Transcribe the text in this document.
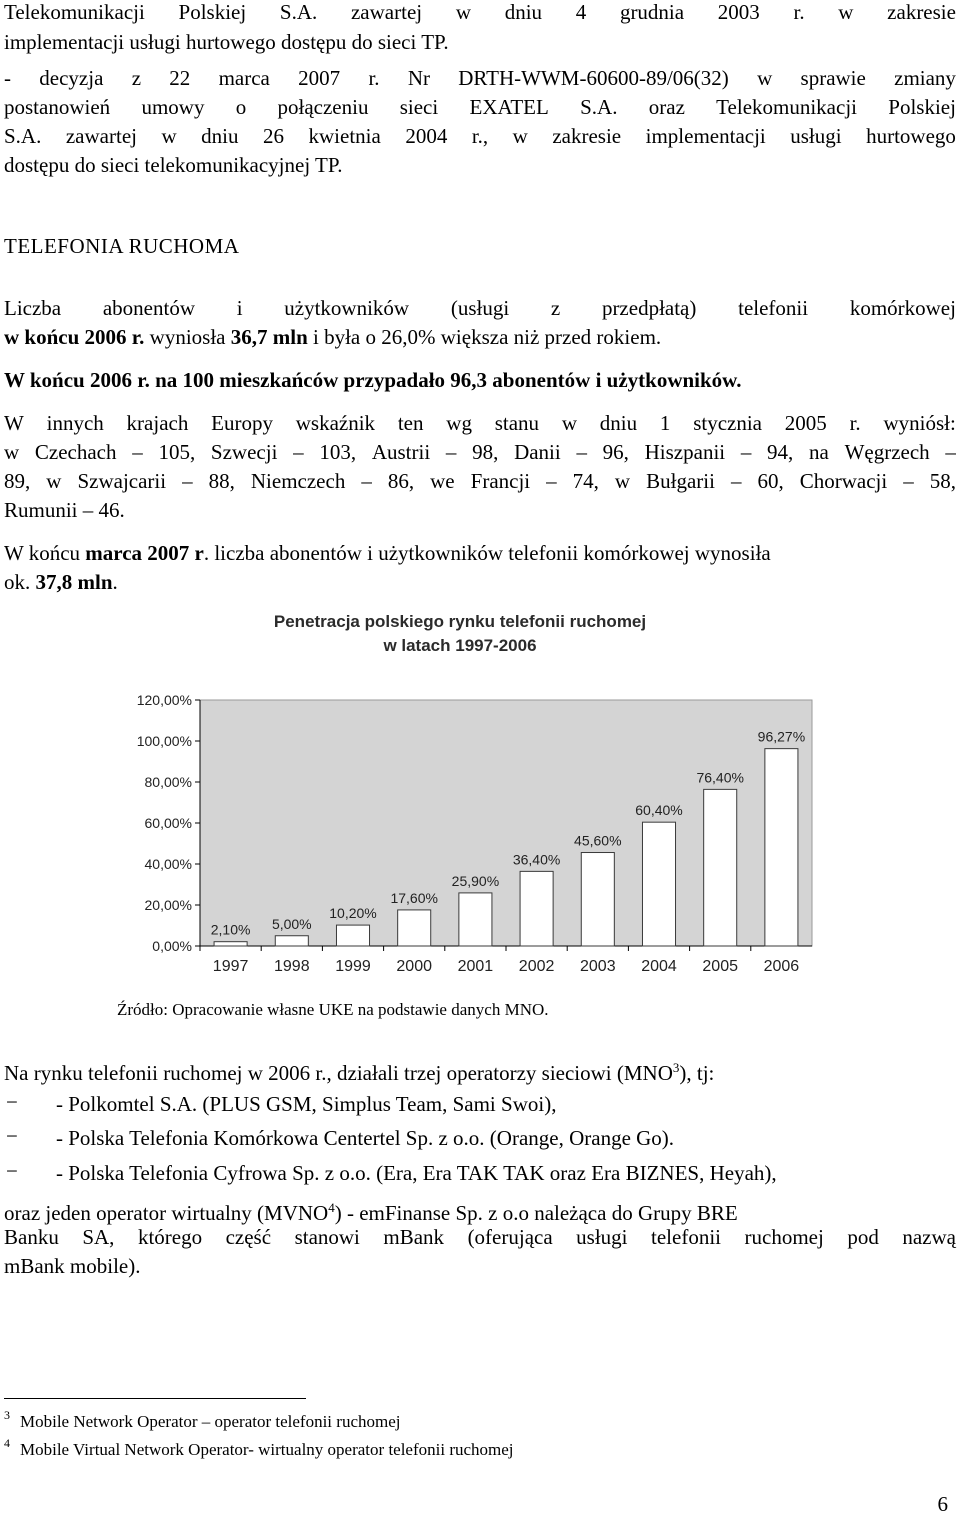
Telekomunikacji Polskiej S.A. zawartej w dniu 4 grudnia 2003 r. w zakresie
implementacji usługi hurtowego dostępu do sieci TP.
- decyzja z 22 marca 2007 r. Nr DRTH-WWM-60600-89/06(32) w sprawie zmiany
postanowień umowy o połączeniu sieci EXATEL S.A. oraz Telekomunikacji Polskiej
S.A. zawartej w dniu 26 kwietnia 2004 r., w zakresie implementacji usługi hurtowego
dostępu do sieci telekomunikacyjnej TP.
TELEFONIA RUCHOMA
Liczba abonentów i użytkowników (usługi z przedpłatą) telefonii komórkowej
w końcu 2006 r. wyniosła 36,7 mln i była o 26,0% większa niż przed rokiem.
W końcu 2006 r. na 100 mieszkańców przypadało 96,3 abonentów i użytkowników.
W innych krajach Europy wskaźnik ten wg stanu w dniu 1 stycznia 2005 r. wyniósł:
w Czechach – 105, Szwecji – 103, Austrii – 98, Danii – 96, Hiszpanii – 94, na Węgrzech –
89, w Szwajcarii – 88, Niemczech – 86, we Francji – 74, w Bułgarii – 60, Chorwacji – 58,
Rumunii – 46.
W końcu marca 2007 r. liczba abonentów i użytkowników telefonii komórkowej wynosiła
ok. 37,8 mln.
Penetracja polskiego rynku telefonii ruchomej
w latach 1997-2006
0,00%
20,00%
40,00%
60,00%
80,00%
100,00%
120,00%
2,10%
1997
5,00%
1998
10,20%
1999
17,60%
2000
25,90%
2001
36,40%
2002
45,60%
2003
60,40%
2004
76,40%
2005
96,27%
2006
Źródło: Opracowanie własne UKE na podstawie danych MNO.
Na rynku telefonii ruchomej w 2006 r., działali trzej operatorzy sieciowi (MNO$^3$), tj:
− - Polkomtel S.A. (PLUS GSM, Simplus Team, Sami Swoi),
− - Polska Telefonia Komórkowa Centertel Sp. z o.o. (Orange, Orange Go).
− - Polska Telefonia Cyfrowa Sp. z o.o. (Era, Era TAK TAK oraz Era BIZNES, Heyah),
oraz jeden operator wirtualny (MVNO$^4$) - emFinanse Sp. z o.o należąca do Grupy BRE
Banku SA, którego część stanowi mBank (oferująca usługi telefonii ruchomej pod nazwą
mBank mobile).
$^3$ Mobile Network Operator – operator telefonii ruchomej
$^4$ Mobile Virtual Network Operator- wirtualny operator telefonii ruchomej
6
